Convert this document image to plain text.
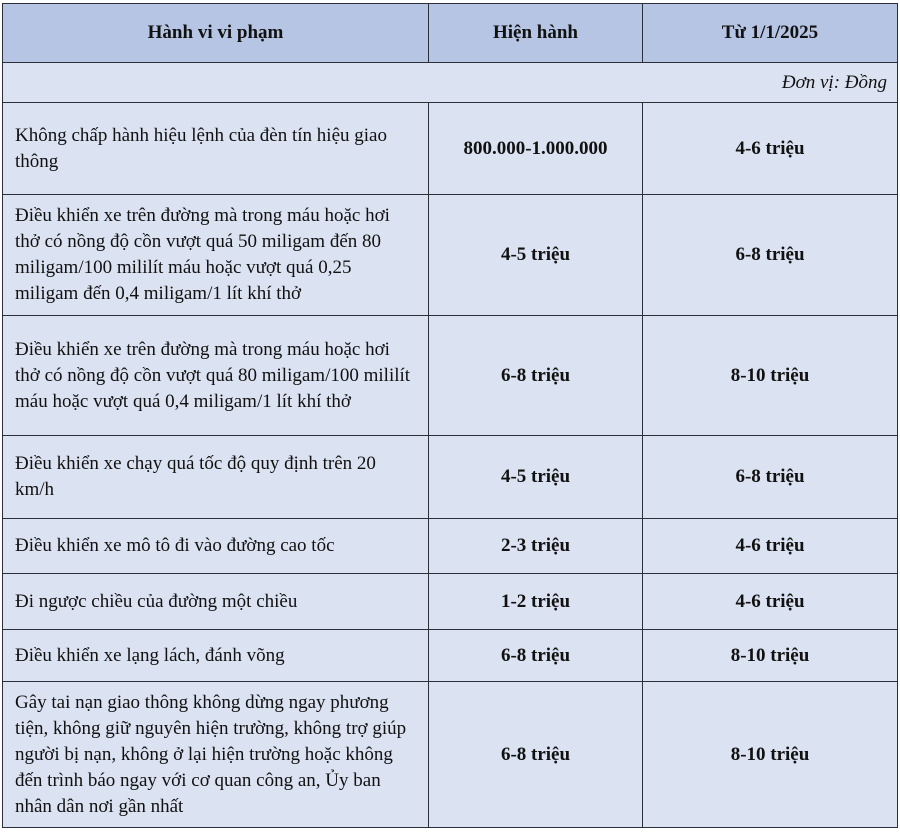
Hành vi vi phạm	Hiện hành	Từ 1/1/2025
Đơn vị: Đồng		
Không chấp hành hiệu lệnh của đèn tín hiệu giao thông	800.000-1.000.000	4-6 triệu
Điều khiển xe trên đường mà trong máu hoặc hơi thở có nồng độ cồn vượt quá 50 miligam đến 80 miligam/100 mililít máu hoặc vượt quá 0,25 miligam đến 0,4 miligam/1 lít khí thở	4-5 triệu	6-8 triệu
Điều khiển xe trên đường mà trong máu hoặc hơi thở có nồng độ cồn vượt quá 80 miligam/100 mililít máu hoặc vượt quá 0,4 miligam/1 lít khí thở	6-8 triệu	8-10 triệu
Điều khiển xe chạy quá tốc độ quy định trên 20 km/h	4-5 triệu	6-8 triệu
Điều khiển xe mô tô đi vào đường cao tốc	2-3 triệu	4-6 triệu
Đi ngược chiều của đường một chiều	1-2 triệu	4-6 triệu
Điều khiển xe lạng lách, đánh võng	6-8 triệu	8-10 triệu
Gây tai nạn giao thông không dừng ngay phương tiện, không giữ nguyên hiện trường, không trợ giúp người bị nạn, không ở lại hiện trường hoặc không đến trình báo ngay với cơ quan công an, Ủy ban nhân dân nơi gần nhất	6-8 triệu	8-10 triệu
